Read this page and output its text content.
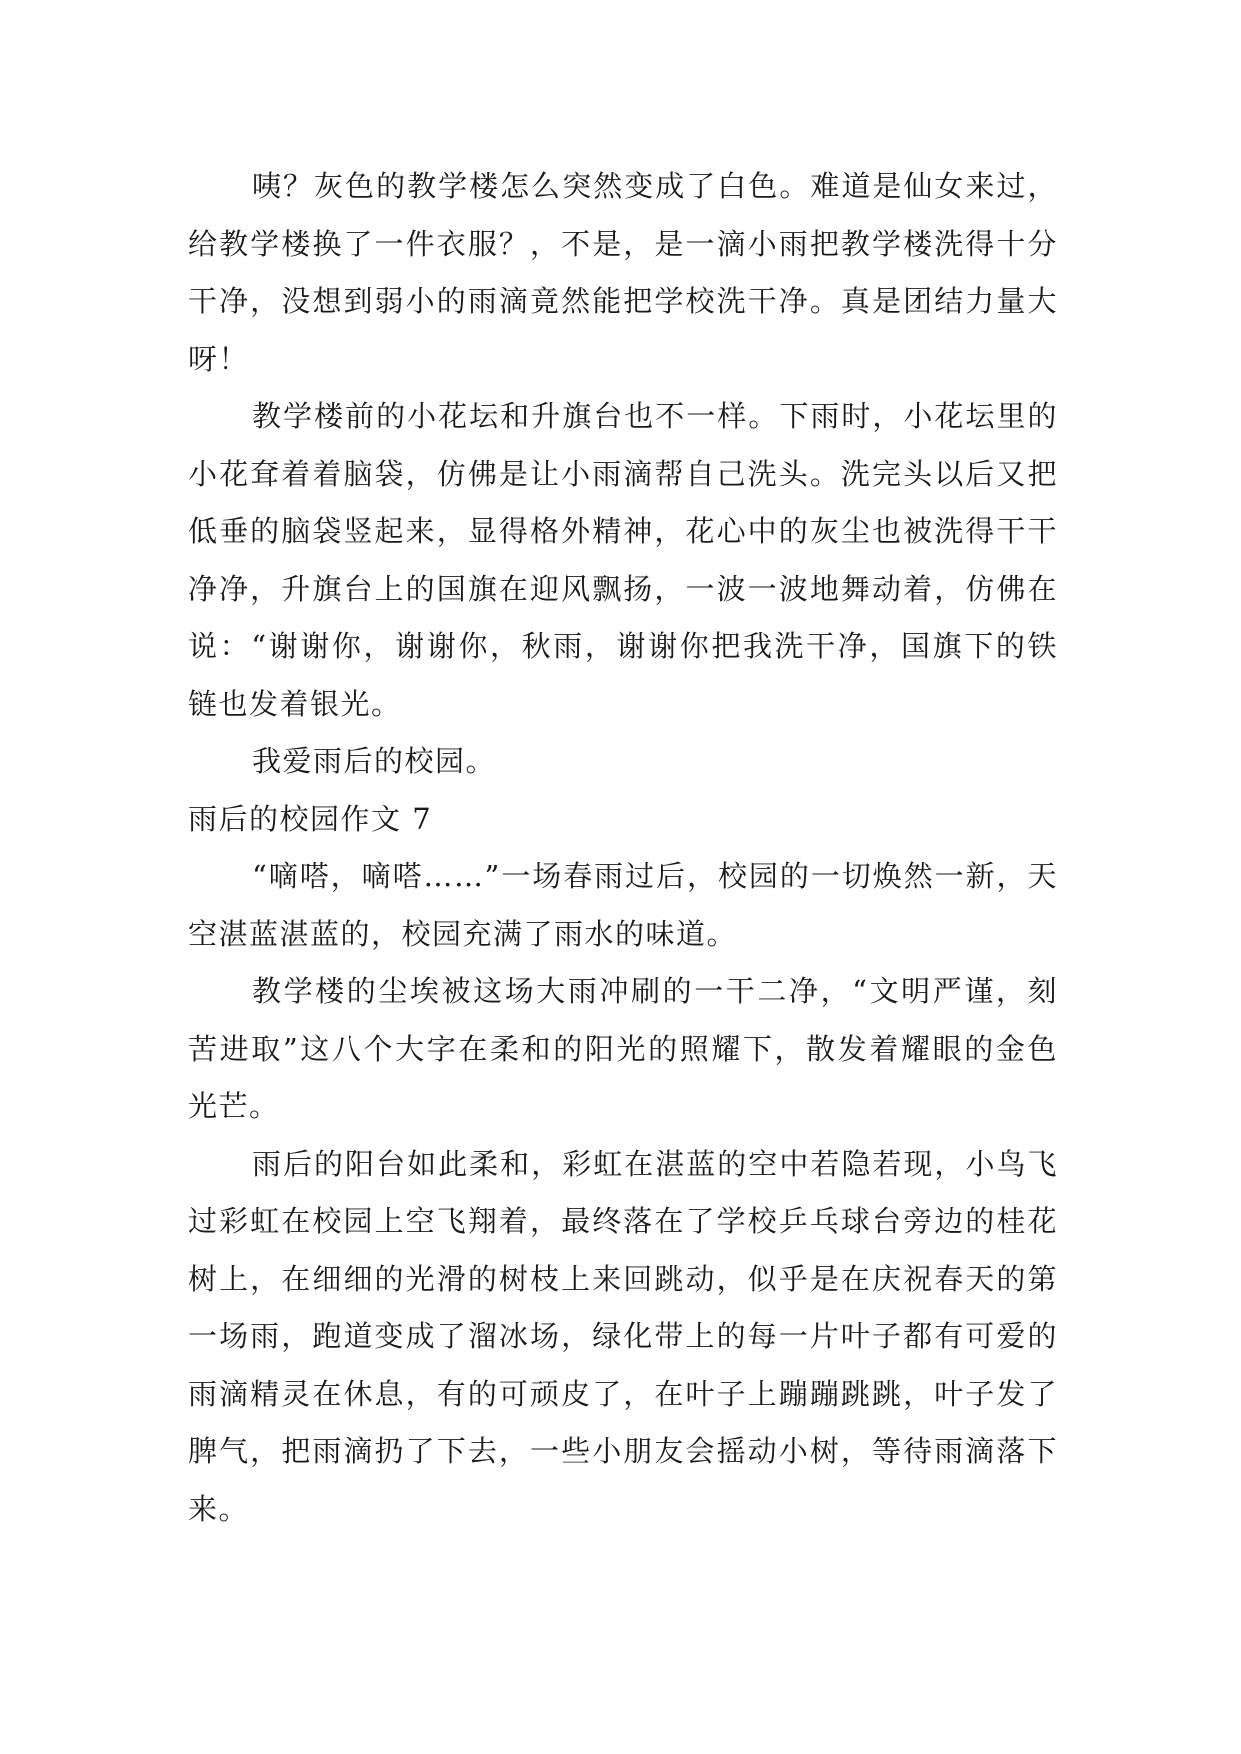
咦？灰色的教学楼怎么突然变成了白色。难道是仙女来过，给教学楼换了一件衣服？，不是，是一滴小雨把教学楼洗得十分干净，没想到弱小的雨滴竟然能把学校洗干净。真是团结力量大呀！

教学楼前的小花坛和升旗台也不一样。下雨时，小花坛里的小花耷着着脑袋，仿佛是让小雨滴帮自己洗头。洗完头以后又把低垂的脑袋竖起来，显得格外精神，花心中的灰尘也被洗得干干净净，升旗台上的国旗在迎风飘扬，一波一波地舞动着，仿佛在说：“谢谢你，谢谢你，秋雨，谢谢你把我洗干净，国旗下的铁链也发着银光。

我爱雨后的校园。

雨后的校园作文 7

“嘀嗒，嘀嗒……”一场春雨过后，校园的一切焕然一新，天空湛蓝湛蓝的，校园充满了雨水的味道。

教学楼的尘埃被这场大雨冲刷的一干二净，“文明严谨，刻苦进取”这八个大字在柔和的阳光的照耀下，散发着耀眼的金色光芒。

雨后的阳台如此柔和，彩虹在湛蓝的空中若隐若现，小鸟飞过彩虹在校园上空飞翔着，最终落在了学校乒乓球台旁边的桂花树上，在细细的光滑的树枝上来回跳动，似乎是在庆祝春天的第一场雨，跑道变成了溜冰场，绿化带上的每一片叶子都有可爱的雨滴精灵在休息，有的可顽皮了，在叶子上蹦蹦跳跳，叶子发了脾气，把雨滴扔了下去，一些小朋友会摇动小树，等待雨滴落下来。
